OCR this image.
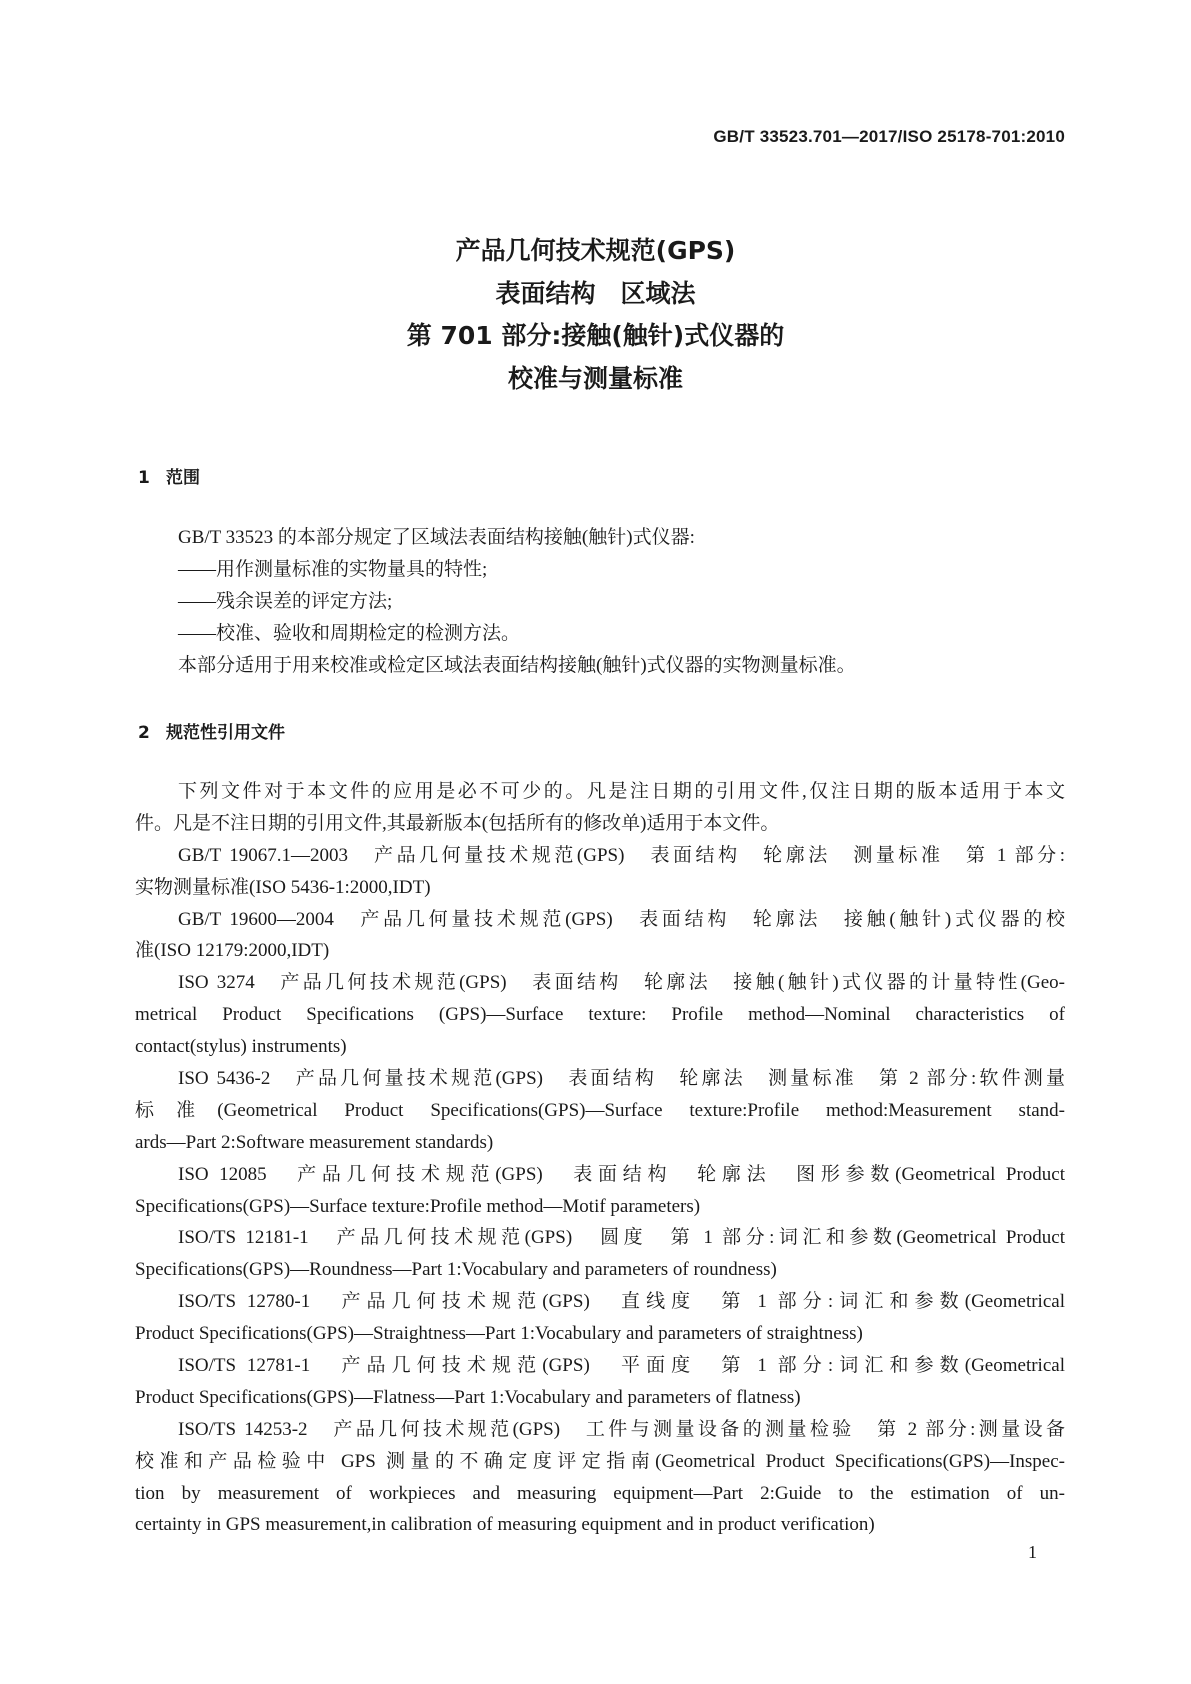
GB/T 33523.701—2017/ISO 25178-701:2010
产品几何技术规范(GPS)
表面结构　区域法
第 701 部分:接触(触针)式仪器的
校准与测量标准
1 范围
GB/T 33523 的本部分规定了区域法表面结构接触(触针)式仪器:
——用作测量标准的实物量具的特性;
——残余误差的评定方法;
——校准、验收和周期检定的检测方法。
本部分适用于用来校准或检定区域法表面结构接触(触针)式仪器的实物测量标准。
2 规范性引用文件
下列文件对于本文件的应用是必不可少的。凡是注日期的引用文件,仅注日期的版本适用于本文
件。凡是不注日期的引用文件,其最新版本(包括所有的修改单)适用于本文件。
GB/T 19067.1—2003　产品几何量技术规范(GPS)　表面结构　轮廓法　测量标准　第 1 部分:
实物测量标准(ISO 5436-1:2000,IDT)
GB/T 19600—2004　产品几何量技术规范(GPS)　表面结构　轮廓法　接触(触针)式仪器的校
准(ISO 12179:2000,IDT)
ISO 3274　产品几何技术规范(GPS)　表面结构　轮廓法　接触(触针)式仪器的计量特性(Geo-
metrical Product Specifications (GPS)—Surface texture: Profile method—Nominal characteristics of
contact(stylus) instruments)
ISO 5436-2　产品几何量技术规范(GPS)　表面结构　轮廓法　测量标准　第 2 部分:软件测量
标准(Geometrical Product Specifications(GPS)—Surface texture:Profile method:Measurement stand-
ards—Part 2:Software measurement standards)
ISO 12085　产品几何技术规范(GPS)　表面结构　轮廓法　图形参数(Geometrical Product
Specifications(GPS)—Surface texture:Profile method—Motif parameters)
ISO/TS 12181-1　产品几何技术规范(GPS)　圆度　第 1 部分:词汇和参数(Geometrical Product
Specifications(GPS)—Roundness—Part 1:Vocabulary and parameters of roundness)
ISO/TS 12780-1　产品几何技术规范(GPS)　直线度　第 1 部分:词汇和参数(Geometrical
Product Specifications(GPS)—Straightness—Part 1:Vocabulary and parameters of straightness)
ISO/TS 12781-1　产品几何技术规范(GPS)　平面度　第 1 部分:词汇和参数(Geometrical
Product Specifications(GPS)—Flatness—Part 1:Vocabulary and parameters of flatness)
ISO/TS 14253-2　产品几何技术规范(GPS)　工件与测量设备的测量检验　第 2 部分:测量设备
校准和产品检验中 GPS 测量的不确定度评定指南(Geometrical Product Specifications(GPS)—Inspec-
tion by measurement of workpieces and measuring equipment—Part 2:Guide to the estimation of un-
certainty in GPS measurement,in calibration of measuring equipment and in product verification)
1
